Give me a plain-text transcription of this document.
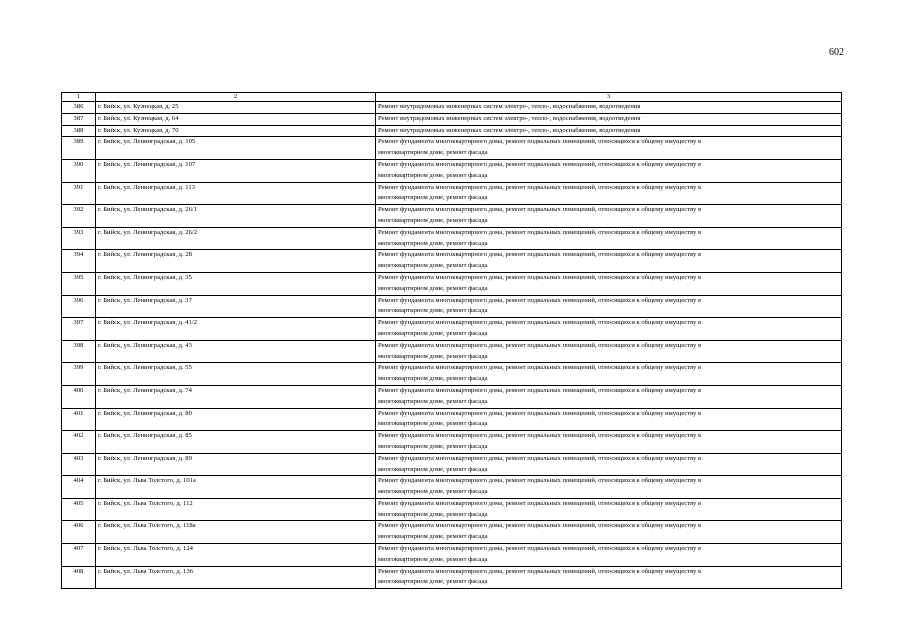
602
1	2	3
386	г. Бийск, ул. Кузнецкая, д. 25	Ремонт внутридомовых инженерных систем электро-, тепло-, водоснабжения, водоотведения

387	г. Бийск, ул. Кузнецкая, д. 64	Ремонт внутридомовых инженерных систем электро-, тепло-, водоснабжения, водоотведения

388	г. Бийск, ул. Кузнецкая, д. 70	Ремонт внутридомовых инженерных систем электро-, тепло-, водоснабжения, водоотведения

389	г. Бийск, ул. Ленинградская, д. 105	Ремонт фундамента многоквартирного дома, ремонт подвальных помещений, относящихся к общему имуществу в
многоквартирном доме, ремонт фасада

390	г. Бийск, ул. Ленинградская, д. 107	Ремонт фундамента многоквартирного дома, ремонт подвальных помещений, относящихся к общему имуществу в
многоквартирном доме, ремонт фасада

391	г. Бийск, ул. Ленинградская, д. 113	Ремонт фундамента многоквартирного дома, ремонт подвальных помещений, относящихся к общему имуществу в
многоквартирном доме, ремонт фасада

392	г. Бийск, ул. Ленинградская, д. 26/1	Ремонт фундамента многоквартирного дома, ремонт подвальных помещений, относящихся к общему имуществу в
многоквартирном доме, ремонт фасада

393	г. Бийск, ул. Ленинградская, д. 26/2	Ремонт фундамента многоквартирного дома, ремонт подвальных помещений, относящихся к общему имуществу в
многоквартирном доме, ремонт фасада

394	г. Бийск, ул. Ленинградская, д. 28	Ремонт фундамента многоквартирного дома, ремонт подвальных помещений, относящихся к общему имуществу в
многоквартирном доме, ремонт фасада

395	г. Бийск, ул. Ленинградская, д. 35	Ремонт фундамента многоквартирного дома, ремонт подвальных помещений, относящихся к общему имуществу в
многоквартирном доме, ремонт фасада

396	г. Бийск, ул. Ленинградская, д. 37	Ремонт фундамента многоквартирного дома, ремонт подвальных помещений, относящихся к общему имуществу в
многоквартирном доме, ремонт фасада

397	г. Бийск, ул. Ленинградская, д. 41/2	Ремонт фундамента многоквартирного дома, ремонт подвальных помещений, относящихся к общему имуществу в
многоквартирном доме, ремонт фасада

398	г. Бийск, ул. Ленинградская, д. 43	Ремонт фундамента многоквартирного дома, ремонт подвальных помещений, относящихся к общему имуществу в
многоквартирном доме, ремонт фасада

399	г. Бийск, ул. Ленинградская, д. 55	Ремонт фундамента многоквартирного дома, ремонт подвальных помещений, относящихся к общему имуществу в
многоквартирном доме, ремонт фасада

400	г. Бийск, ул. Ленинградская, д. 74	Ремонт фундамента многоквартирного дома, ремонт подвальных помещений, относящихся к общему имуществу в
многоквартирном доме, ремонт фасада

401	г. Бийск, ул. Ленинградская, д. 80	Ремонт фундамента многоквартирного дома, ремонт подвальных помещений, относящихся к общему имуществу в
многоквартирном доме, ремонт фасада

402	г. Бийск, ул. Ленинградская, д. 85	Ремонт фундамента многоквартирного дома, ремонт подвальных помещений, относящихся к общему имуществу в
многоквартирном доме, ремонт фасада

403	г. Бийск, ул. Ленинградская, д. 89	Ремонт фундамента многоквартирного дома, ремонт подвальных помещений, относящихся к общему имуществу в
многоквартирном доме, ремонт фасада

404	г. Бийск, ул. Льва Толстого, д. 101а	Ремонт фундамента многоквартирного дома, ремонт подвальных помещений, относящихся к общему имуществу в
многоквартирном доме, ремонт фасада

405	г. Бийск, ул. Льва Толстого, д. 112	Ремонт фундамента многоквартирного дома, ремонт подвальных помещений, относящихся к общему имуществу в
многоквартирном доме, ремонт фасада

406	г. Бийск, ул. Льва Толстого, д. 118а	Ремонт фундамента многоквартирного дома, ремонт подвальных помещений, относящихся к общему имуществу в
многоквартирном доме, ремонт фасада

407	г. Бийск, ул. Льва Толстого, д. 124	Ремонт фундамента многоквартирного дома, ремонт подвальных помещений, относящихся к общему имуществу в
многоквартирном доме, ремонт фасада

408	г. Бийск, ул. Льва Толстого, д. 136	Ремонт фундамента многоквартирного дома, ремонт подвальных помещений, относящихся к общему имуществу в
многоквартирном доме, ремонт фасада
